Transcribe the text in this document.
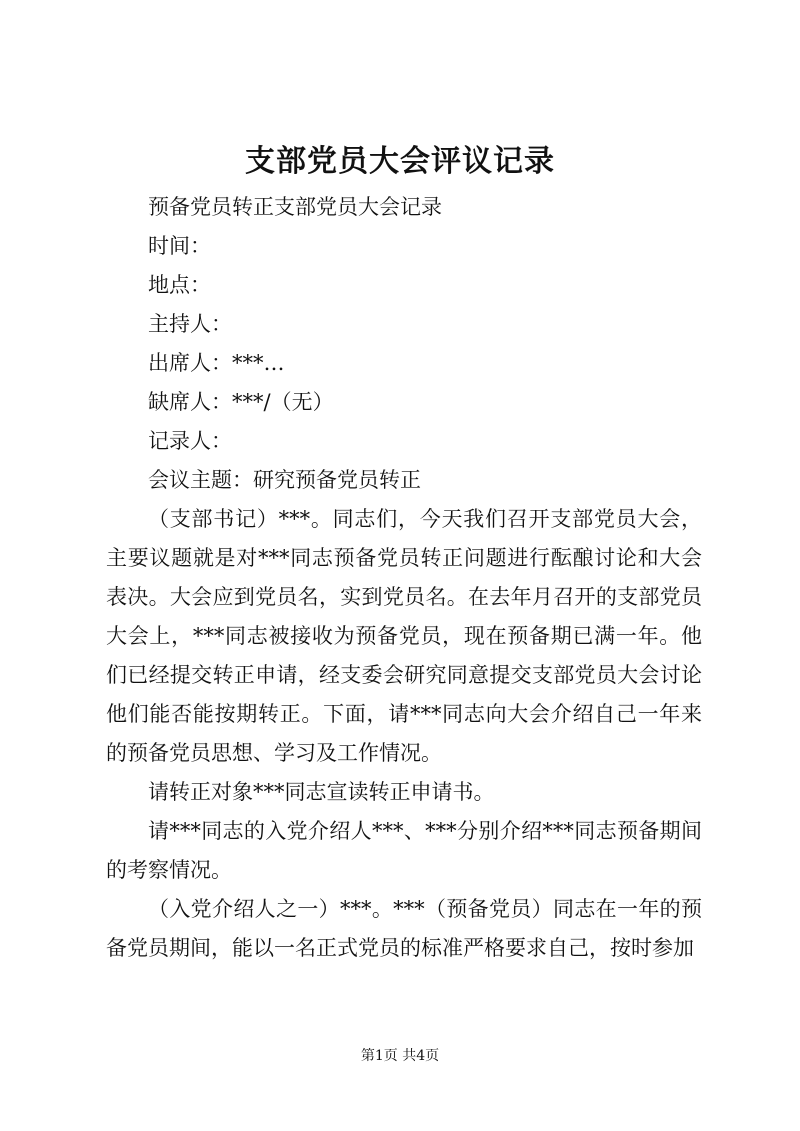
支部党员大会评议记录

预备党员转正支部党员大会记录

时间：

地点：

主持人：

出席人：***…

缺席人：***/（无）

记录人：

会议主题：研究预备党员转正

（支部书记）***。同志们，今天我们召开支部党员大会，主要议题就是对***同志预备党员转正问题进行酝酿讨论和大会表决。大会应到党员名，实到党员名。在去年月召开的支部党员大会上，***同志被接收为预备党员，现在预备期已满一年。他们已经提交转正申请，经支委会研究同意提交支部党员大会讨论他们能否能按期转正。下面，请***同志向大会介绍自己一年来的预备党员思想、学习及工作情况。

请转正对象***同志宣读转正申请书。

请***同志的入党介绍人***、***分别介绍***同志预备期间的考察情况。

（入党介绍人之一）***。***（预备党员）同志在一年的预备党员期间，能以一名正式党员的标准严格要求自己，按时参加

第1页 共4页
